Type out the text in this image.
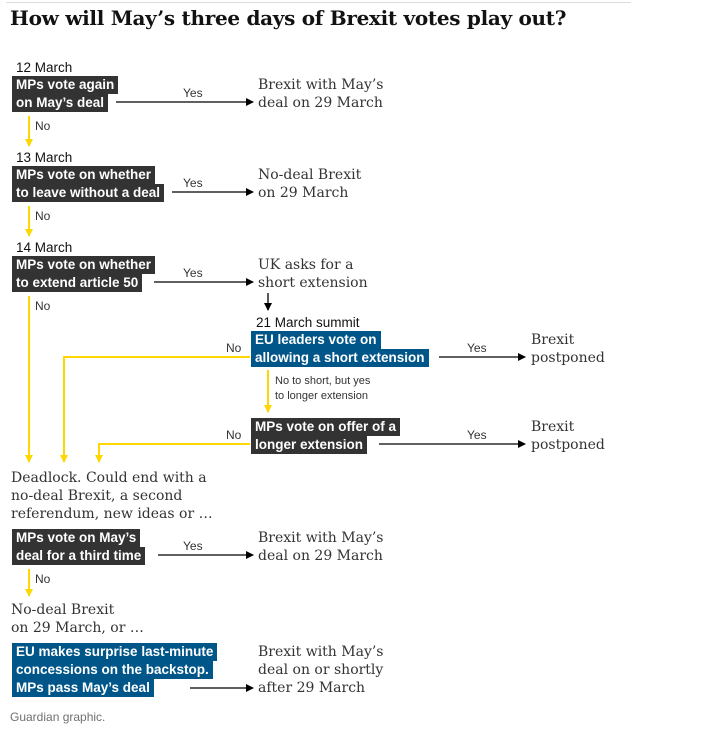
How will May’s three days of Brexit votes play out?
12 March
MPs vote again
on May’s deal
Yes
No
Brexit with May’s
deal on 29 March
13 March
MPs vote on whether
to leave without a deal
Yes
No
No-deal Brexit
on 29 March
14 March
MPs vote on whether
to extend article 50
Yes
No
UK asks for a
short extension
21 March summit
EU leaders vote on
allowing a short extension
No	Yes	Brexit
postponed
No to short, but yes
to longer extension
MPs vote on offer of a
longer extension
No	Yes	Brexit
postponed
Deadlock. Could end with a
no-deal Brexit, a second
referendum, new ideas or …
MPs vote on May’s
deal for a third time
Yes
No
Brexit with May’s
deal on 29 March
No-deal Brexit
on 29 March, or …
EU makes surprise last-minute
concessions on the backstop.
MPs pass May’s deal
Brexit with May’s
deal on or shortly
after 29 March
Guardian graphic.
